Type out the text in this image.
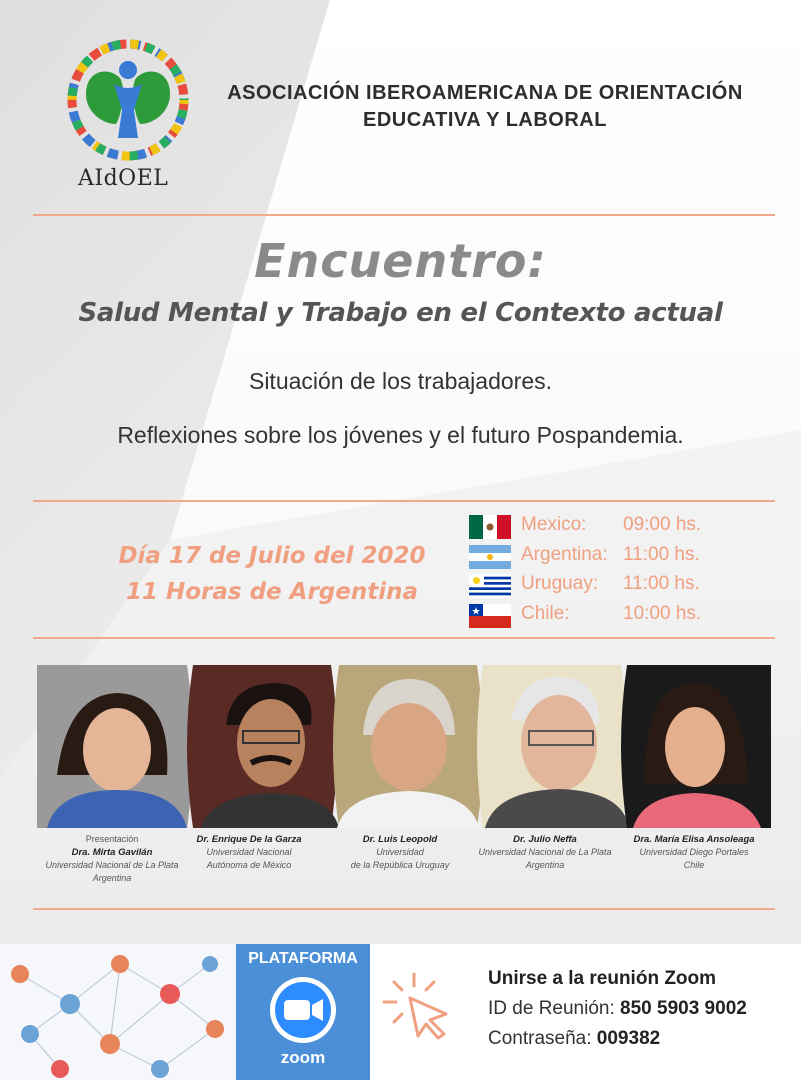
AIdOEL
ASOCIACIÓN IBEROAMERICANA DE ORIENTACIÓN
EDUCATIVA Y LABORAL
Encuentro:
Salud Mental y Trabajo en el Contexto actual
Situación de los trabajadores.
Reflexiones sobre los jóvenes y el futuro Pospandemia.
Día 17 de Julio del 2020
11 Horas de Argentina
Mexico: 09:00 hs.
Argentina: 11:00 hs.
Uruguay: 11:00 hs.
Chile:	10:00 hs.
Presentación
Dra. Mirta Gavilán
Universidad Nacional de La Plata
Argentina
Dr. Enrique De la Garza
Universidad Nacional
Autónoma de México
Dr. Luis Leopold
Universidad
de la República Uruguay
Dr. Julio Neffa
Universidad Nacional de La Plata
Argentina
Dra. María Elisa Ansoleaga
Universidad Diego Portales
Chile
PLATAFORMA
zoom
Unirse a la reunión Zoom
ID de Reunión: 850 5903 9002
Contraseña: 009382
